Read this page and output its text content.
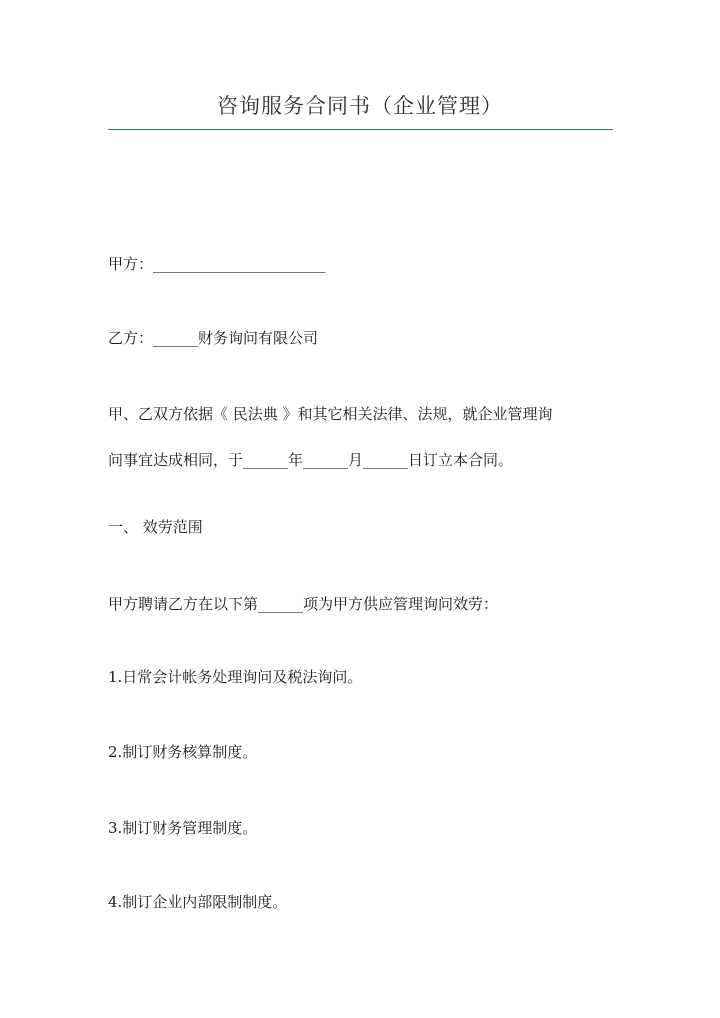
咨询服务合同书（企业管理）
甲方：_______________________
乙方：______财务询问有限公司
甲、乙双方依据《 民法典 》和其它相关法律、法规，就企业管理询
问事宜达成相同，于______年______月______日订立本合同。
一、 效劳范围
甲方聘请乙方在以下第______项为甲方供应管理询问效劳：
1.日常会计帐务处理询问及税法询问。
2.制订财务核算制度。
3.制订财务管理制度。
4.制订企业内部限制制度。
